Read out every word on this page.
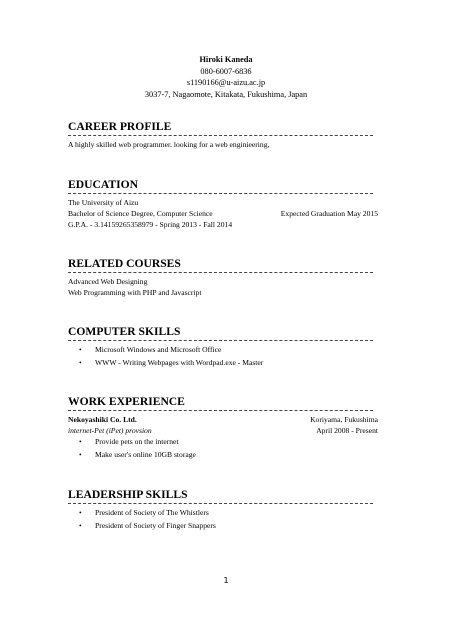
Hiroki Kaneda
080-6007-6836
s1190166@u-aizu.ac.jp
3037-7, Nagaomote, Kitakata, Fukushima, Japan
CAREER PROFILE
A highly skilled web programmer. looking for a web enginieering,
EDUCATION
The University of Aizu
Bachelor of Science Degree, Computer Science	Expected Graduation May 2015
G.P.A. - 3.14159265358979 - Spring 2013 - Fall 2014
RELATED COURSES
Advanced Web Designing
Web Programming with PHP and Javascript
COMPUTER SKILLS
• Microsoft Windows and Microsoft Office
• WWW - Writing Webpages with Wordpad.exe - Master
WORK EXPERIENCE
Nekoyashiki Co. Ltd.	Koriyama, Fukushima
internet-Pet (iPet) provsion	April 2008 - Present
• Provide pets on the internet
• Make user's online 10GB storage
LEADERSHIP SKILLS
• President of Society of The Whistlers
• President of Society of Finger Snappers
1
